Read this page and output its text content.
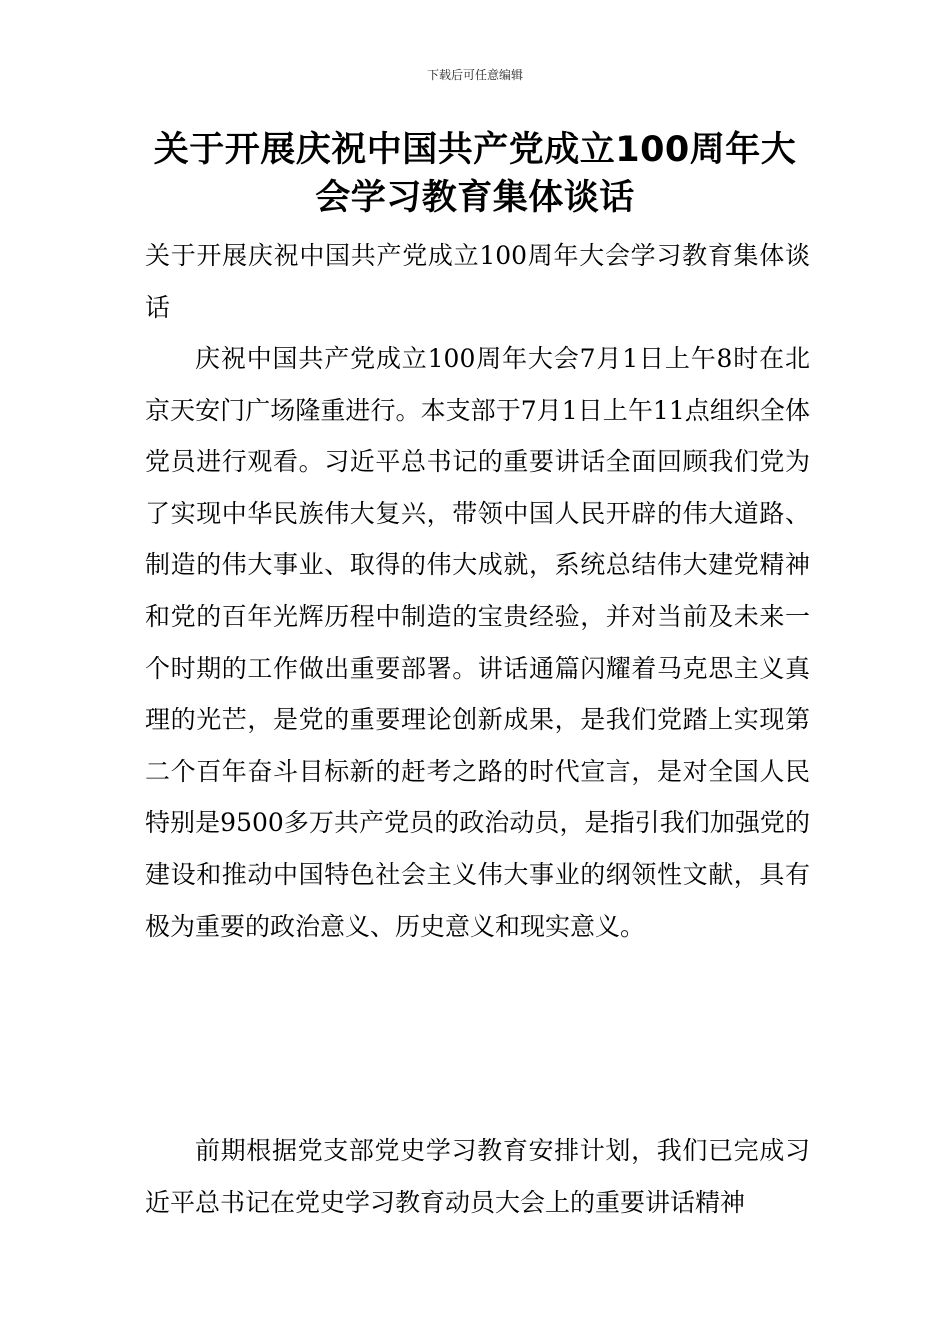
下载后可任意编辑
关于开展庆祝中国共产党成立100周年大会学习教育集体谈话

关于开展庆祝中国共产党成立100周年大会学习教育集体谈话

庆祝中国共产党成立100周年大会7月1日上午8时在北京天安门广场隆重进行。本支部于7月1日上午11点组织全体党员进行观看。习近平总书记的重要讲话全面回顾我们党为了实现中华民族伟大复兴，带领中国人民开辟的伟大道路、制造的伟大事业、取得的伟大成就，系统总结伟大建党精神和党的百年光辉历程中制造的宝贵经验，并对当前及未来一个时期的工作做出重要部署。讲话通篇闪耀着马克思主义真理的光芒，是党的重要理论创新成果，是我们党踏上实现第二个百年奋斗目标新的赶考之路的时代宣言，是对全国人民特别是9500多万共产党员的政治动员，是指引我们加强党的建设和推动中国特色社会主义伟大事业的纲领性文献，具有极为重要的政治意义、历史意义和现实意义。

前期根据党支部党史学习教育安排计划，我们已完成习近平总书记在党史学习教育动员大会上的重要讲话精神
